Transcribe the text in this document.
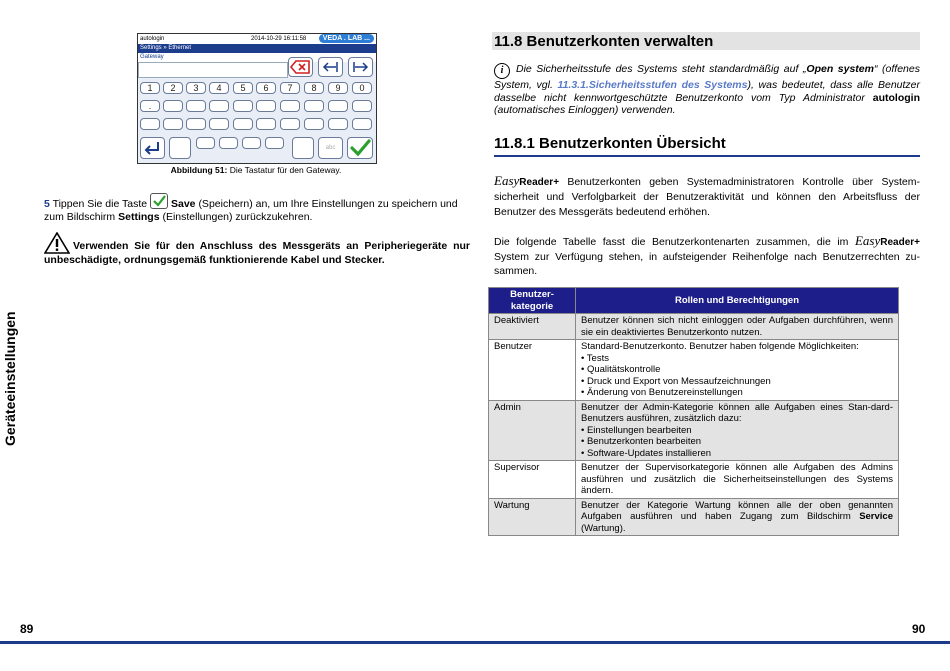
autologin	2014-10-29 16:11:58	VEDA . LAB ...
Settings » Ethernet
Gateway
1	2	3	4	5	6	7	8	9	0
.
abc
Abbildung 51: Die Tastatur für den Gateway.
5 Tippen Sie die Taste Save (Speichern) an, um Ihre Einstellungen zu speichern und zum Bildschirm Settings (Einstellungen) zurückzukehren.
Verwenden Sie für den Anschluss des Messgeräts an Peripheriegeräte nur unbeschädigte, ordnungsgemäß funktionierende Kabel und Stecker.
Geräteeinstellungen
89
11.8 Benutzerkonten verwalten
i Die Sicherheitsstufe des Systems steht standardmäßig auf „Open system“ (offenes System, vgl. 11.3.1.Sicherheitsstufen des Systems), was bedeutet, dass alle Benutzer dasselbe nicht kennwortgeschützte Benutzerkonto vom Typ Administrator autologin (automatisches Einloggen) verwenden.
11.8.1 Benutzerkonten Übersicht
EasyReader+ Benutzerkonten geben Systemadministratoren Kontrolle über System-sicherheit und Verfolgbarkeit der Benutzeraktivität und können den Arbeitsfluss der Benutzer des Messgeräts bedeutend erhöhen.
Die folgende Tabelle fasst die Benutzerkontenarten zusammen, die im EasyReader+ System zur Verfügung stehen, in aufsteigender Reihenfolge nach Benutzerrechten zu-sammen.
Benutzer-kategorie	Rollen und Berechtigungen
Deaktiviert	Benutzer können sich nicht einloggen oder Aufgaben durchführen, wenn sie ein deaktiviertes Benutzerkonto nutzen.

Benutzer	Standard-Benutzerkonto. Benutzer haben folgende Möglichkeiten:
• Tests
• Qualitätskontrolle
• Druck und Export von Messaufzeichnungen
• Änderung von Benutzereinstellungen

Admin	Benutzer der Admin-Kategorie können alle Aufgaben eines Stan-dard-Benutzers ausführen, zusätzlich dazu:
• Einstellungen bearbeiten
• Benutzerkonten bearbeiten
• Software-Updates installieren

Supervisor	Benutzer der Supervisorkategorie können alle Aufgaben des Admins ausführen und zusätzlich die Sicherheitseinstellungen des Systems ändern.

Wartung	Benutzer der Kategorie Wartung können alle der oben genannten Aufgaben ausführen und haben Zugang zum Bildschirm Service (Wartung).
90
